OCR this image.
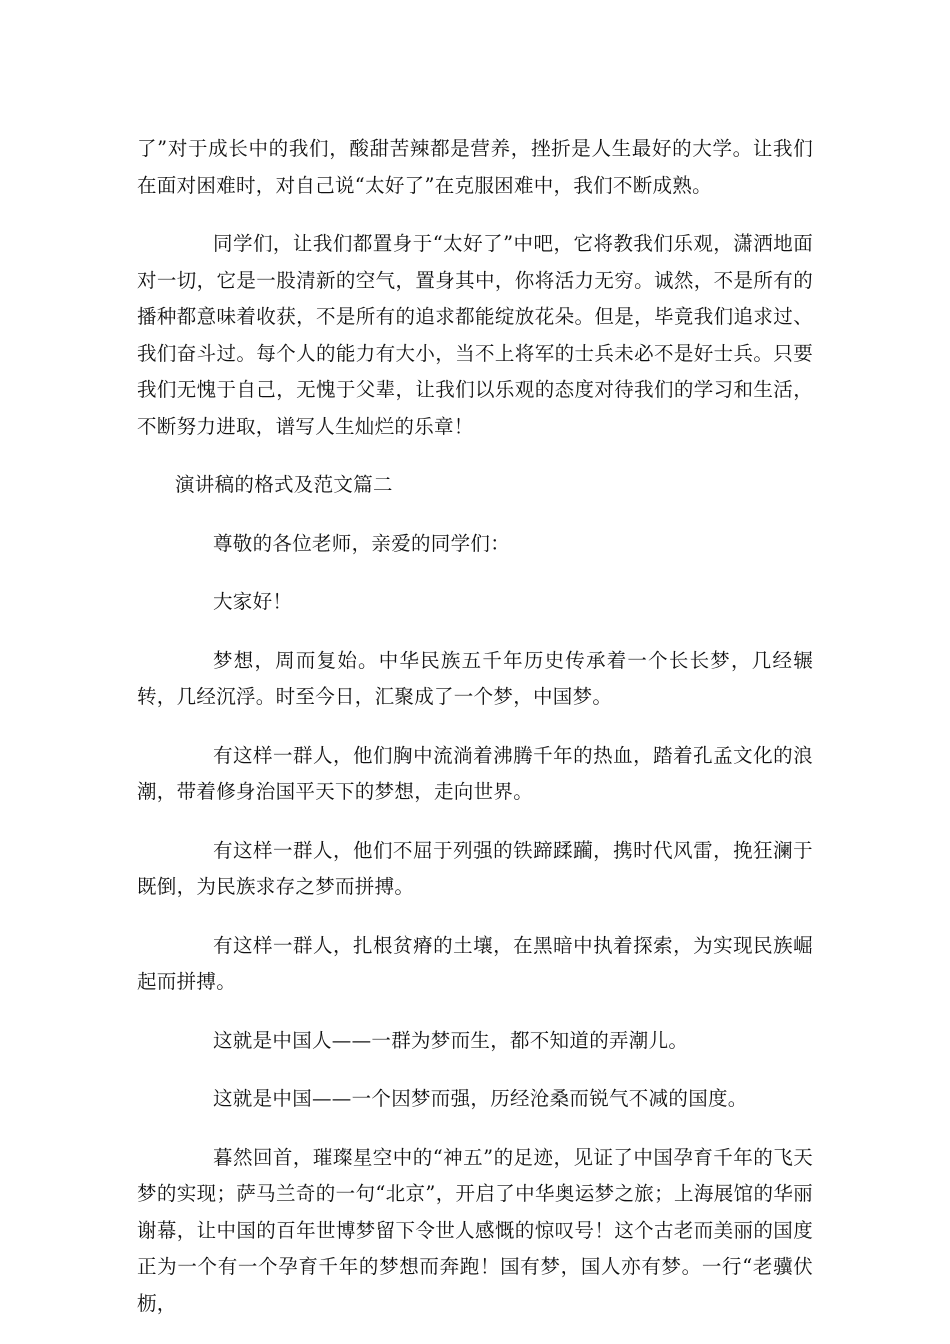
了”对于成长中的我们，酸甜苦辣都是营养，挫折是人生最好的大学。让我们在面对困难时，对自己说“太好了”在克服困难中，我们不断成熟。

同学们，让我们都置身于“太好了”中吧，它将教我们乐观，潇洒地面对一切，它是一股清新的空气，置身其中，你将活力无穷。诚然，不是所有的播种都意味着收获，不是所有的追求都能绽放花朵。但是，毕竟我们追求过、我们奋斗过。每个人的能力有大小，当不上将军的士兵未必不是好士兵。只要我们无愧于自己，无愧于父辈，让我们以乐观的态度对待我们的学习和生活，不断努力进取，谱写人生灿烂的乐章！

演讲稿的格式及范文篇二

尊敬的各位老师，亲爱的同学们：

大家好！

梦想，周而复始。中华民族五千年历史传承着一个长长梦，几经辗转，几经沉浮。时至今日，汇聚成了一个梦，中国梦。

有这样一群人，他们胸中流淌着沸腾千年的热血，踏着孔孟文化的浪潮，带着修身治国平天下的梦想，走向世界。

有这样一群人，他们不屈于列强的铁蹄蹂躏，携时代风雷，挽狂澜于既倒，为民族求存之梦而拼搏。

有这样一群人，扎根贫瘠的土壤，在黑暗中执着探索，为实现民族崛起而拼搏。

这就是中国人——一群为梦而生，都不知道的弄潮儿。

这就是中国——一个因梦而强，历经沧桑而锐气不减的国度。

暮然回首，璀璨星空中的“神五”的足迹，见证了中国孕育千年的飞天梦的实现；萨马兰奇的一句“北京”，开启了中华奥运梦之旅；上海展馆的华丽谢幕，让中国的百年世博梦留下令世人感慨的惊叹号！这个古老而美丽的国度正为一个有一个孕育千年的梦想而奔跑！国有梦，国人亦有梦。一行“老骥伏枥，
